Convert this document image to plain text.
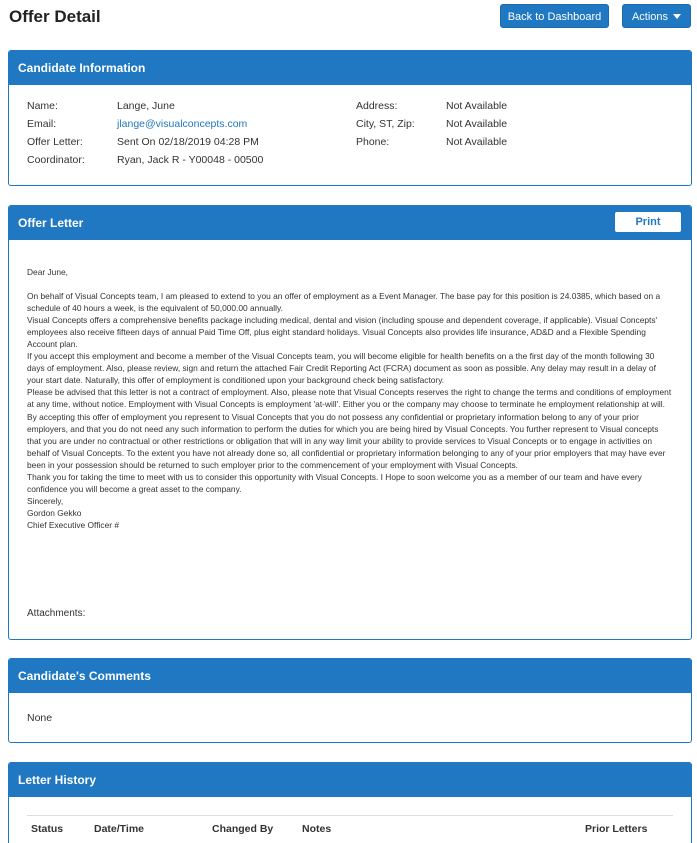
Offer Detail	Back to Dashboard	Actions
Candidate Information
Name:	Lange, June
Email:	jlange@visualconcepts.com
Offer Letter:	Sent On 02/18/2019 04:28 PM
Coordinator:	Ryan, Jack R - Y00048 - 00500
Address:	Not Available
City, ST, Zip:	Not Available
Phone:	Not Available
Offer Letter	Print

Dear June,

On behalf of Visual Concepts team, I am pleased to extend to you an offer of employment as a Event Manager. The base pay for this position is 24.0385, which based on a schedule of 40 hours a week, is the equivalent of 50,000.00 annually.

Visual Concepts offers a comprehensive benefits package including medical, dental and vision (including spouse and dependent coverage, if applicable). Visual Concepts' employees also receive fifteen days of annual Paid Time Off, plus eight standard holidays. Visual Concepts also provides life insurance, AD&D and a Flexible Spending Account plan.

If you accept this employment and become a member of the Visual Concepts team, you will become eligible for health benefits on a the first day of the month following 30 days of employment. Also, please review, sign and return the attached Fair Credit Reporting Act (FCRA) document as soon as possible. Any delay may result in a delay of your start date. Naturally, this offer of employment is conditioned upon your background check being satisfactory.

Please be advised that this letter is not a contract of employment. Also, please note that Visual Concepts reserves the right to change the terms and conditions of employment at any time, without notice. Employment with Visual Concepts is employment 'at-will'. Either you or the company may choose to terminate he employment relationship at will.

By accepting this offer of employment you represent to Visual Concepts that you do not possess any confidential or proprietary information belong to any of your prior employers, and that you do not need any such information to perform the duties for which you are being hired by Visual Concepts. You further represent to Visual concepts that you are under no contractual or other restrictions or obligation that will in any way limit your ability to provide services to Visual Concepts or to engage in activities on behalf of Visual Concepts. To the extent you have not already done so, all confidential or proprietary information belonging to any of your prior employers that may have ever been in your possession should be returned to such employer prior to the commencement of your employment with Visual Concepts.

Thank you for taking the time to meet with us to consider this opportunity with Visual Concepts. I Hope to soon welcome you as a member of our team and have every confidence you will become a great asset to the company.

Sincerely,

Gordon Gekko

Chief Executive Officer #

Attachments:
Candidate's Comments
None
Letter History
Status	Date/Time	Changed By	Notes	Prior Letters
